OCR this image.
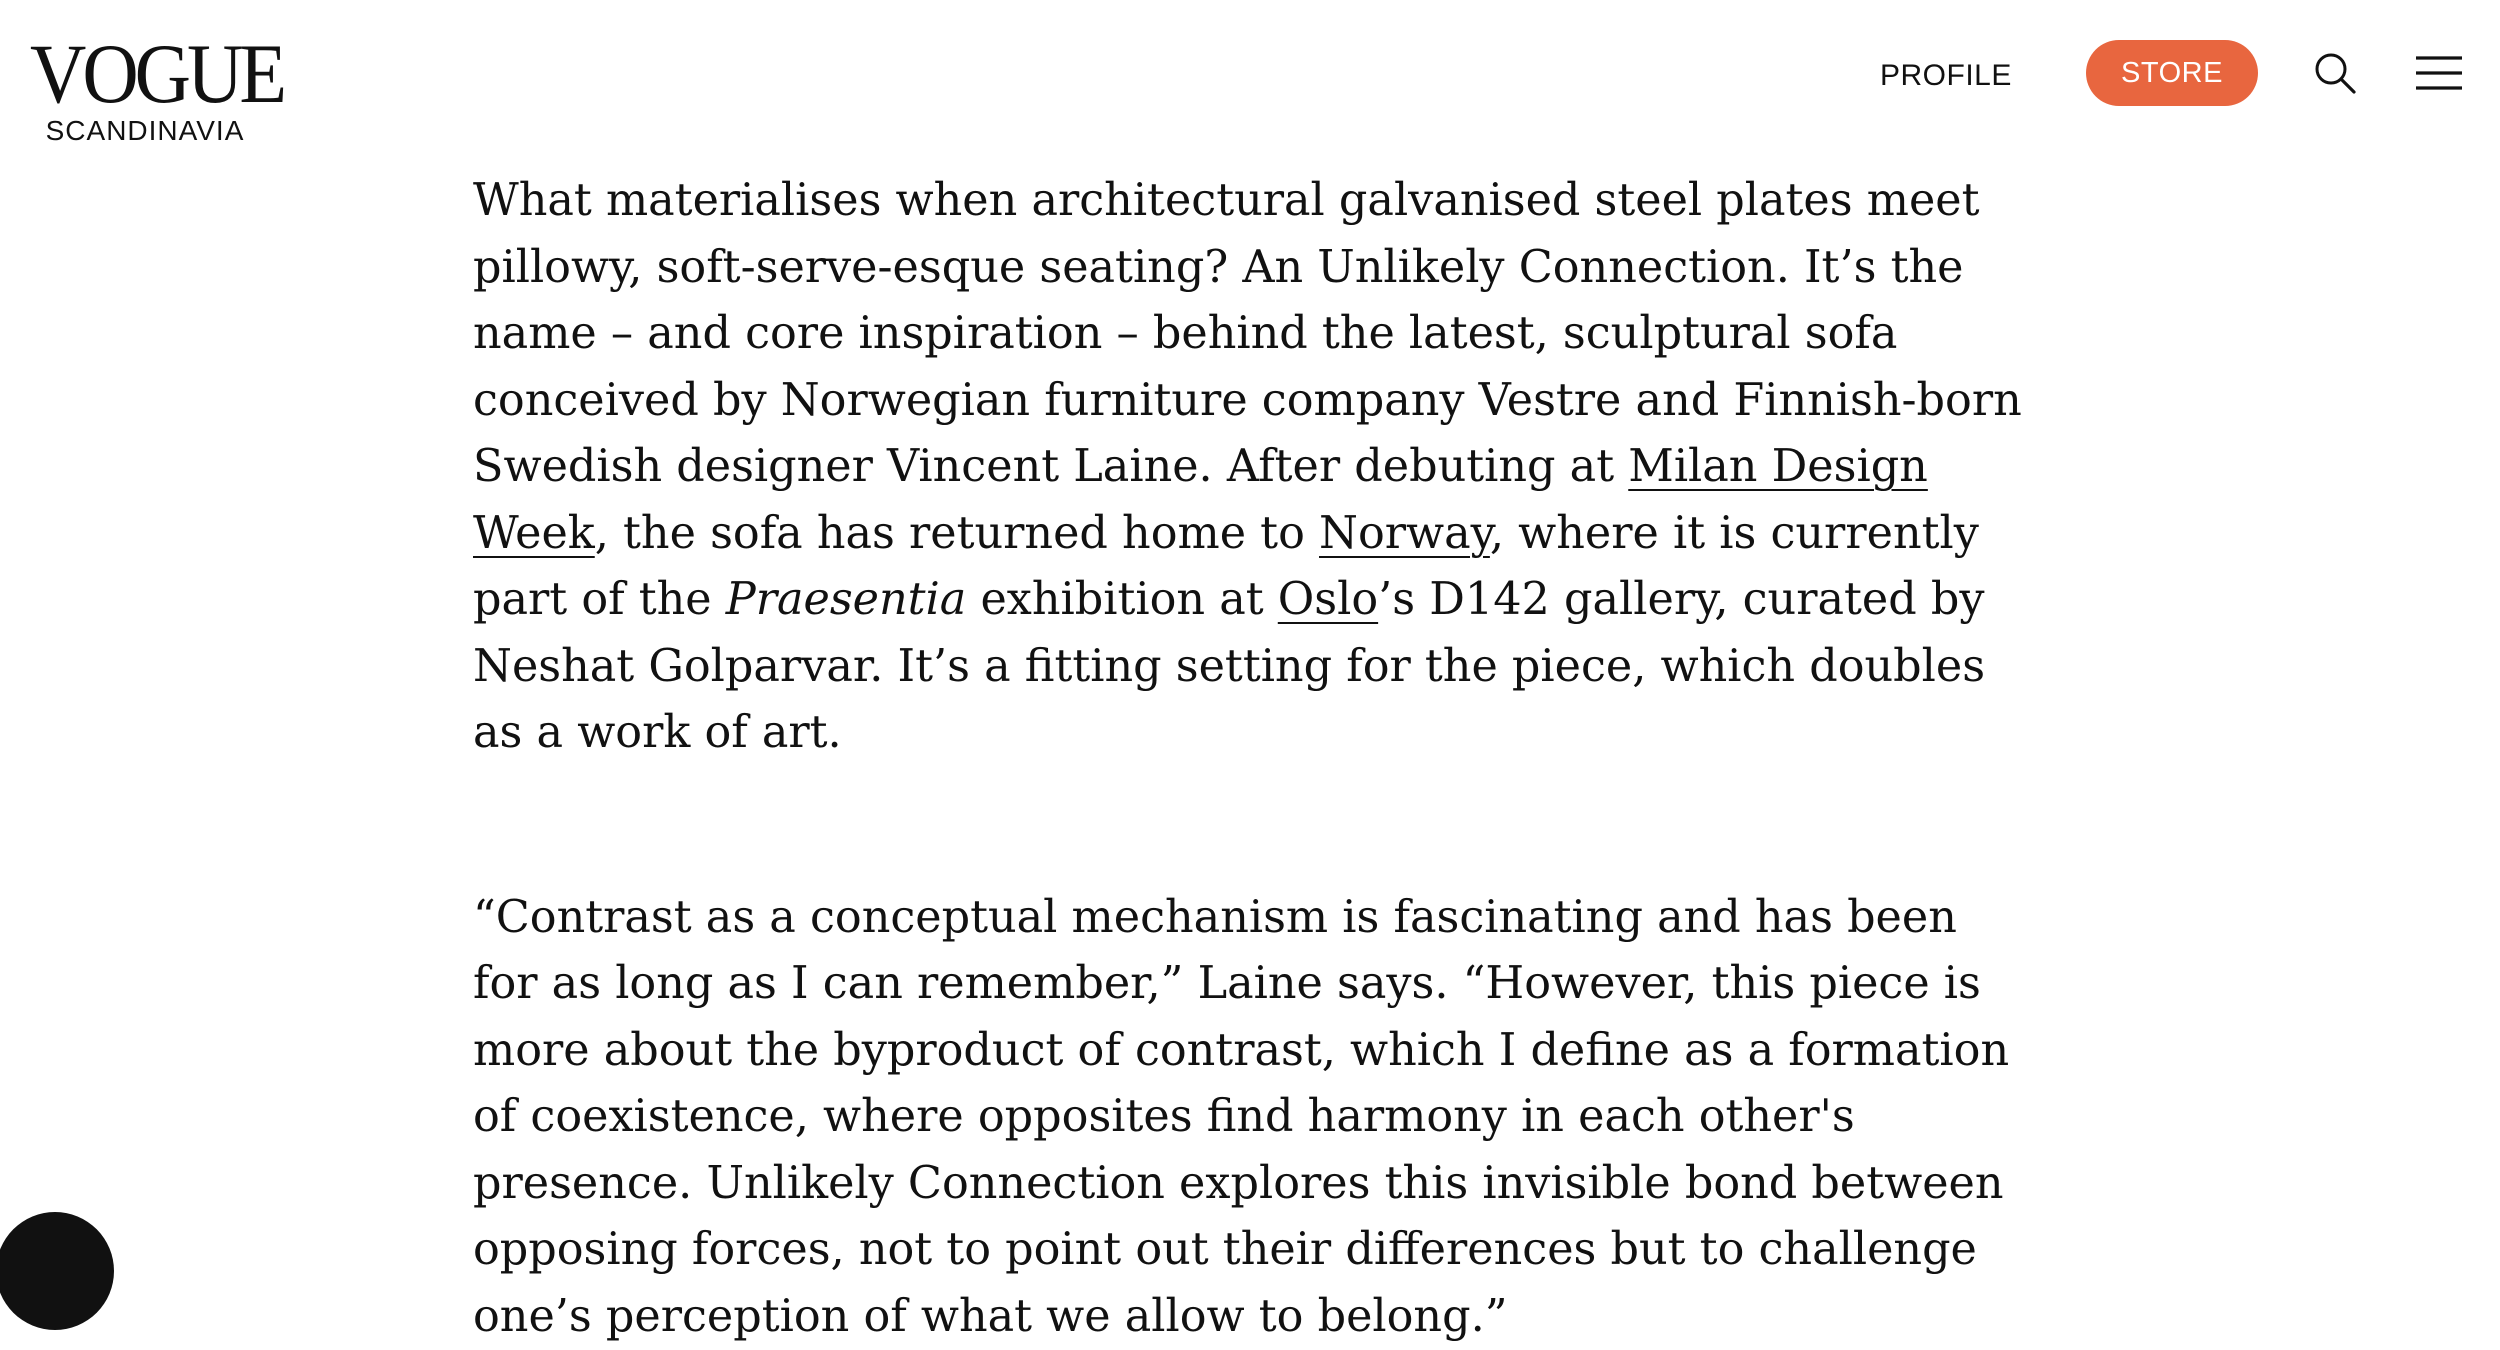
VOGUE
SCANDINAVIA
PROFILE	STORE

What materialises when architectural galvanised steel plates meet pillowy, soft-serve-esque seating? An Unlikely Connection. It’s the name – and core inspiration – behind the latest, sculptural sofa conceived by Norwegian furniture company Vestre and Finnish-born Swedish designer Vincent Laine. After debuting at Milan Design Week, the sofa has returned home to Norway, where it is currently part of the Praesentia exhibition at Oslo’s D142 gallery, curated by Neshat Golparvar. It’s a fitting setting for the piece, which doubles as a work of art.

“Contrast as a conceptual mechanism is fascinating and has been for as long as I can remember,” Laine says. “However, this piece is more about the byproduct of contrast, which I define as a formation of coexistence, where opposites find harmony in each other's presence. Unlikely Connection explores this invisible bond between opposing forces, not to point out their differences but to challenge one’s perception of what we allow to belong.”
